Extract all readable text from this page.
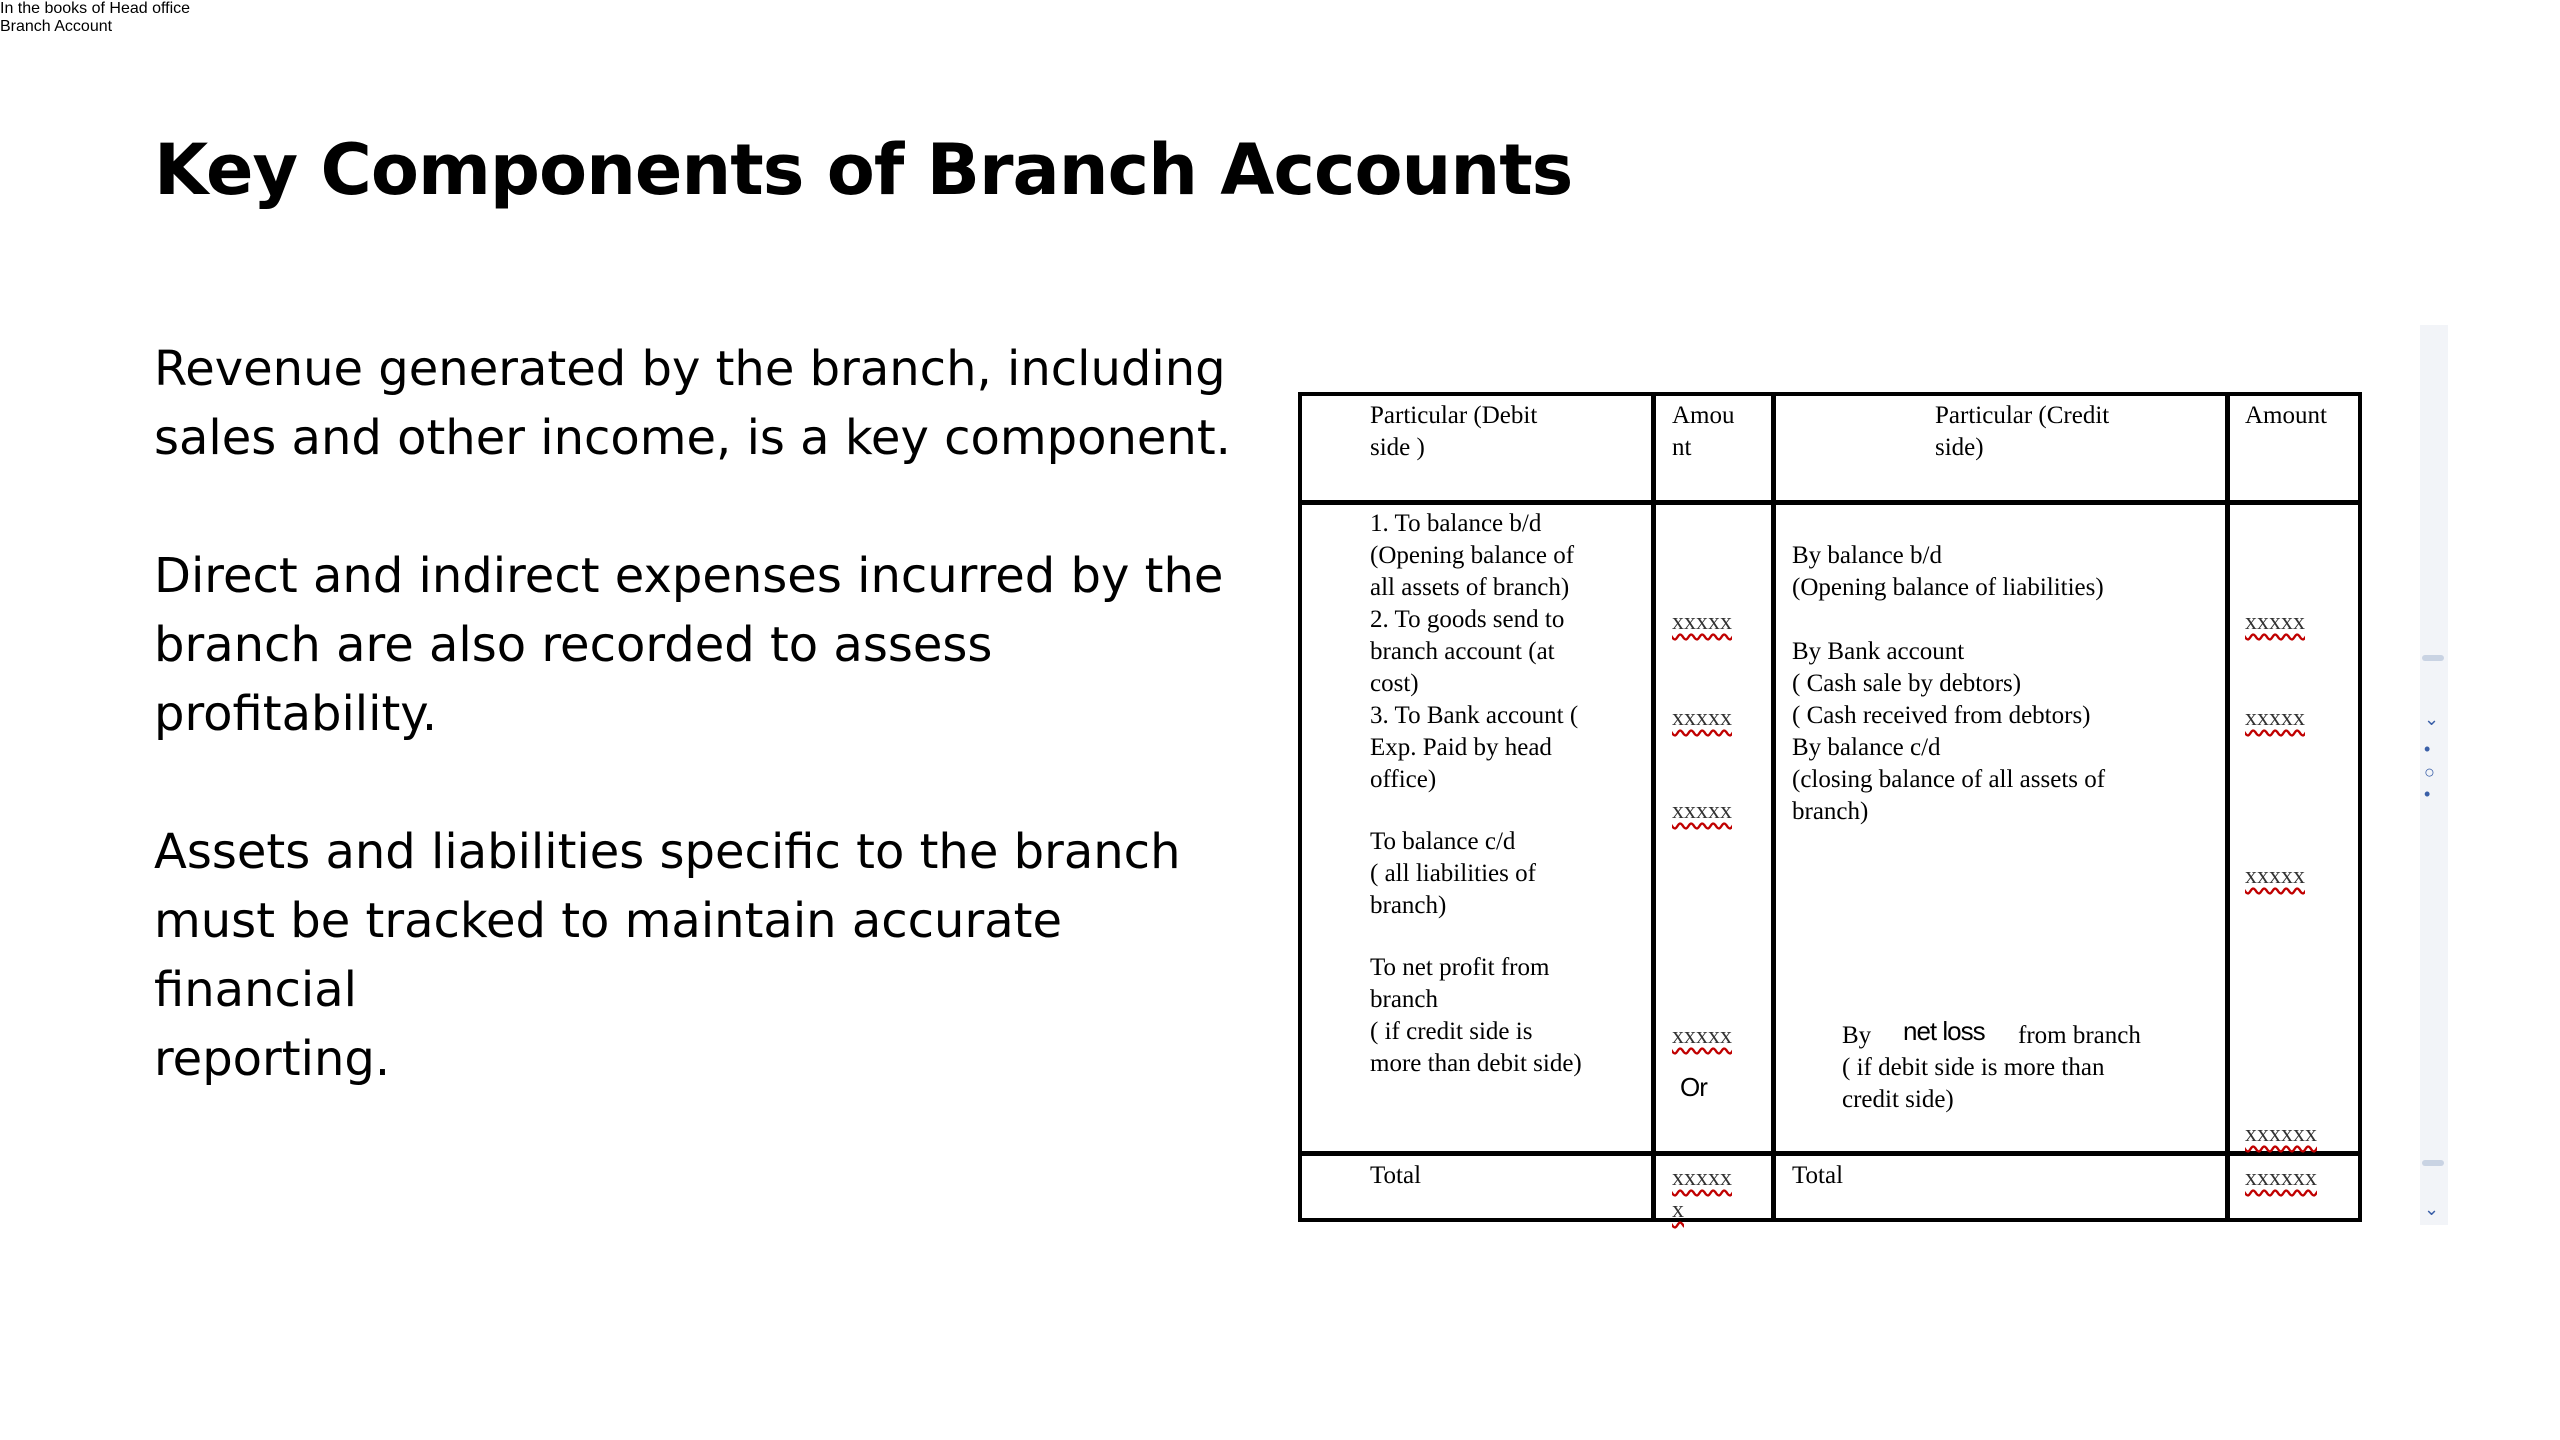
Key Components of Branch Accounts

Revenue generated by the branch, including
sales and other income, is a key component.

Direct and indirect expenses incurred by the
branch are also recorded to assess profitability.

Assets and liabilities specific to the branch
must be tracked to maintain accurate financial
reporting.

In the books of Head office
Branch Account
Particular (Debit
side )
Amou
nt
Particular (Credit
side)
Amount
1. To balance b/d
(Opening balance of
all assets of branch)
2. To goods send to
branch account (at
cost)
3. To Bank account (
Exp. Paid by head
office)
To balance c/d
( all liabilities of
branch)
To net profit from
branch
( if credit side is
more than debit side)
xxxxx
xxxxx
xxxxx
xxxxx
Or
By balance b/d
(Opening balance of liabilities)
By Bank account
( Cash sale by debtors)
( Cash received from debtors)
By balance c/d
(closing balance of all assets of
branch)
By net loss from branch
( if debit side is more than
credit side)
xxxxx
xxxxx
xxxxx
xxxxxx
Total	xxxxx
x
Total	xxxxxx
⌄
•
○
•
⌄
